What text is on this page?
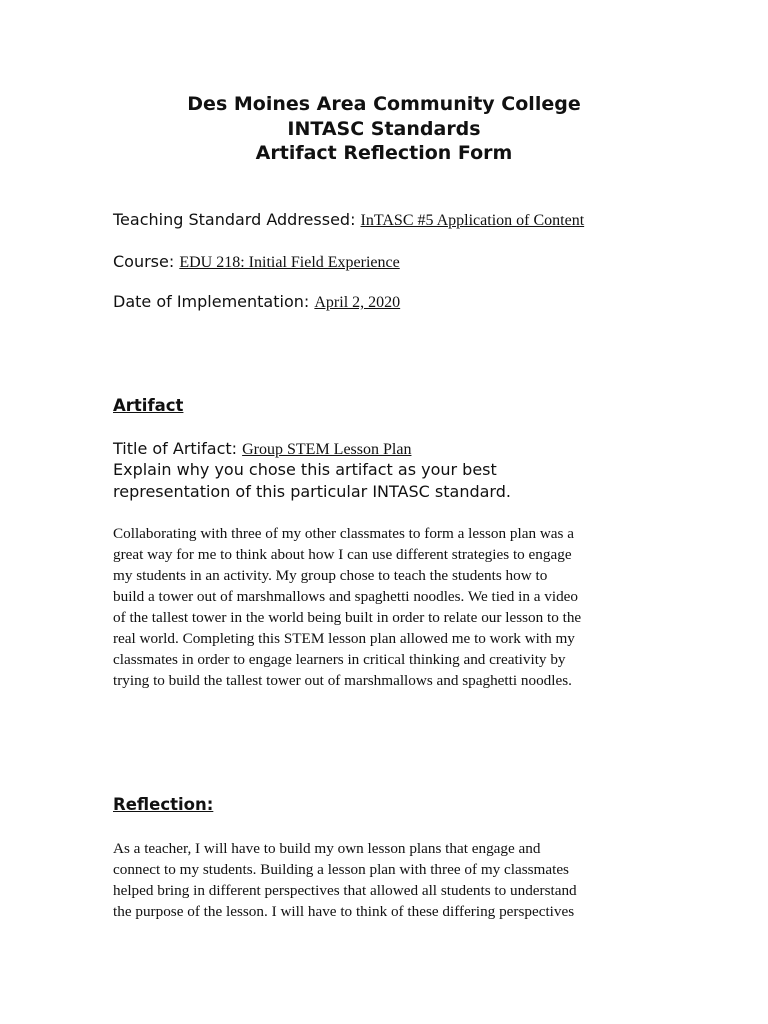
Des Moines Area Community College
INTASC Standards
Artifact Reflection Form
Teaching Standard Addressed: InTASC #5 Application of Content
Course: EDU 218: Initial Field Experience
Date of Implementation: April 2, 2020
Artifact
Title of Artifact: Group STEM Lesson Plan
Explain why you chose this artifact as your best
representation of this particular INTASC standard.
Collaborating with three of my other classmates to form a lesson plan was a
great way for me to think about how I can use different strategies to engage
my students in an activity. My group chose to teach the students how to
build a tower out of marshmallows and spaghetti noodles. We tied in a video
of the tallest tower in the world being built in order to relate our lesson to the
real world. Completing this STEM lesson plan allowed me to work with my
classmates in order to engage learners in critical thinking and creativity by
trying to build the tallest tower out of marshmallows and spaghetti noodles.
Reflection:
As a teacher, I will have to build my own lesson plans that engage and
connect to my students. Building a lesson plan with three of my classmates
helped bring in different perspectives that allowed all students to understand
the purpose of the lesson. I will have to think of these differing perspectives
